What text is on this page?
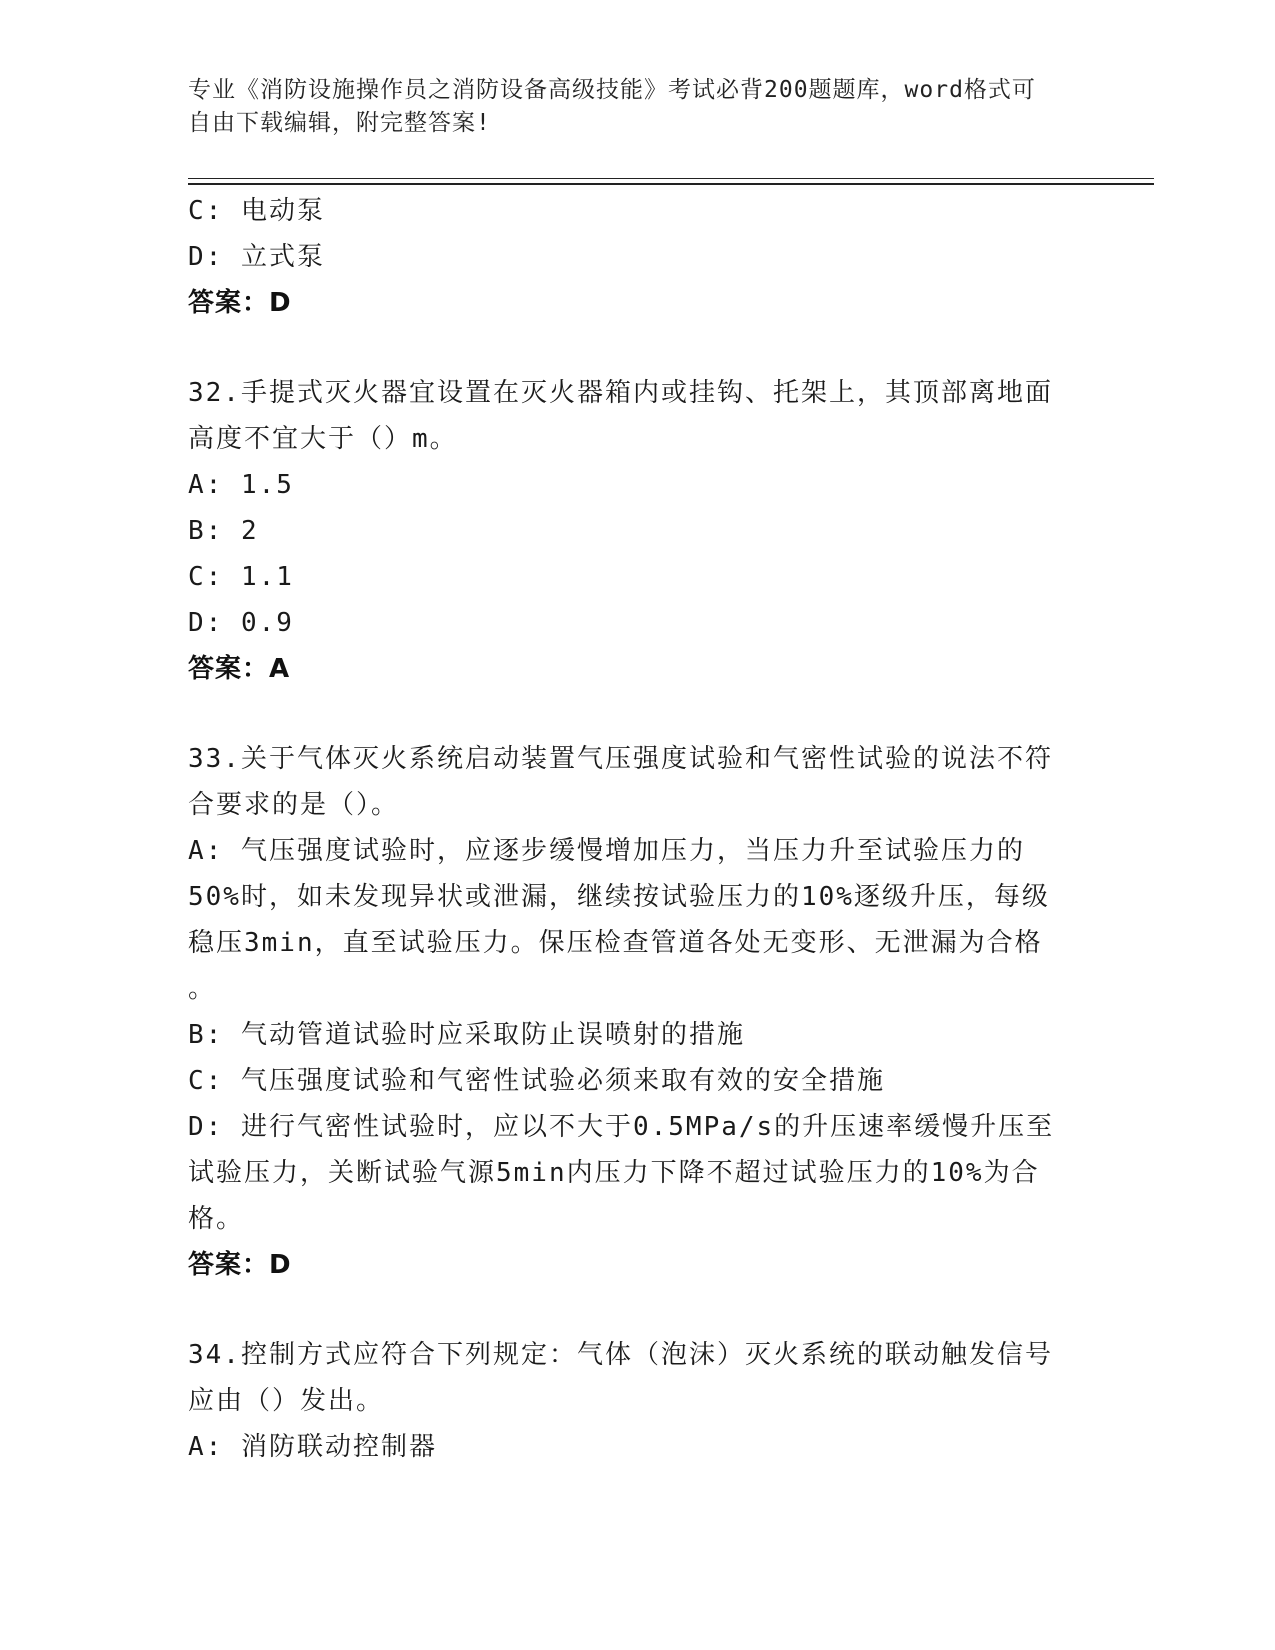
专业《消防设施操作员之消防设备高级技能》考试必背200题题库，word格式可
自由下载编辑，附完整答案!
C: 电动泵
D: 立式泵
答案：D
32.手提式灭火器宜设置在灭火器箱内或挂钩、托架上，其顶部离地面
高度不宜大于（）m。
A: 1.5
B: 2
C: 1.1
D: 0.9
答案：A
33.关于气体灭火系统启动装置气压强度试验和气密性试验的说法不符
合要求的是（）。
A: 气压强度试验时，应逐步缓慢增加压力，当压力升至试验压力的
50%时，如未发现异状或泄漏，继续按试验压力的10%逐级升压，每级
稳压3min，直至试验压力。保压检查管道各处无变形、无泄漏为合格
。
B: 气动管道试验时应采取防止误喷射的措施
C: 气压强度试验和气密性试验必须来取有效的安全措施
D: 进行气密性试验时，应以不大于0.5MPa/s的升压速率缓慢升压至
试验压力，关断试验气源5min内压力下降不超过试验压力的10%为合
格。
答案：D
34.控制方式应符合下列规定：气体（泡沫）灭火系统的联动触发信号
应由（）发出。
A: 消防联动控制器
